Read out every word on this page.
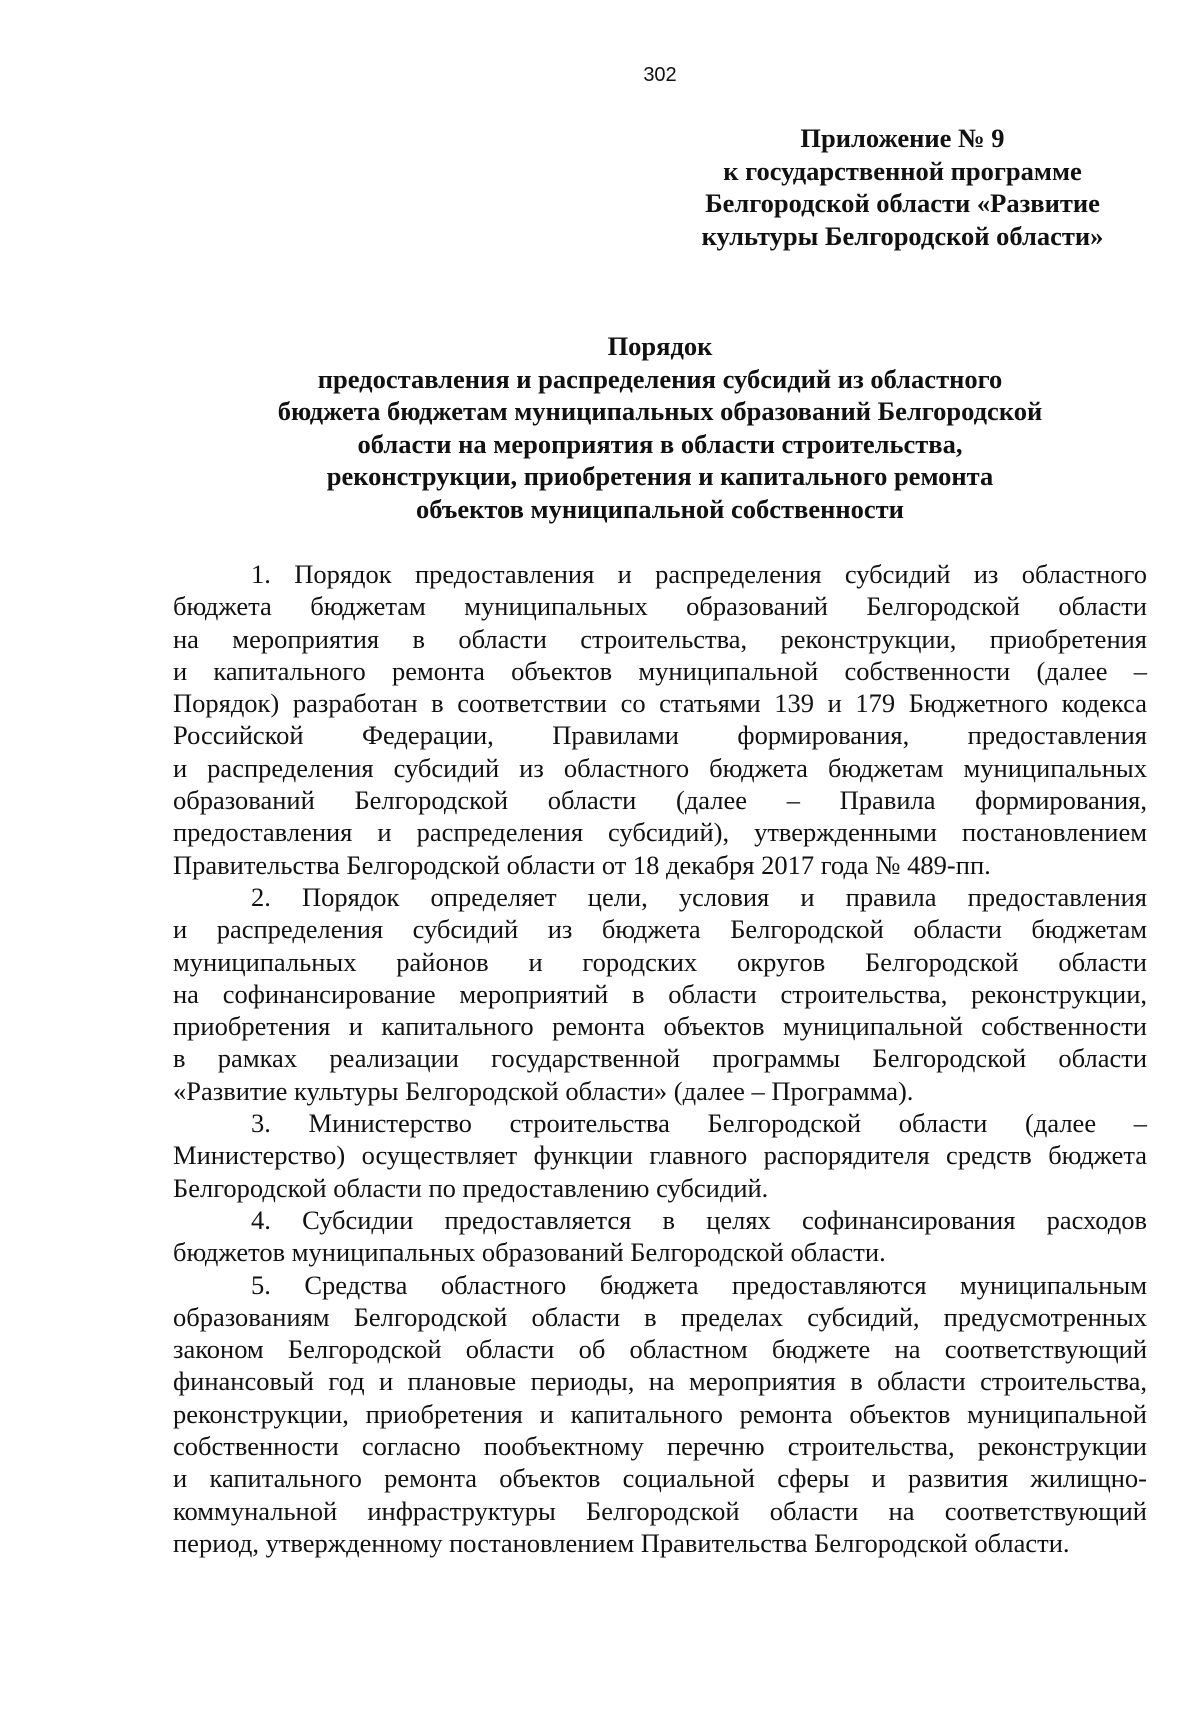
302
Приложение № 9
к государственной программе
Белгородской области «Развитие
культуры Белгородской области»
Порядок
предоставления и распределения субсидий из областного
бюджета бюджетам муниципальных образований Белгородской
области на мероприятия в области строительства,
реконструкции, приобретения и капитального ремонта
объектов муниципальной собственности
1. Порядок предоставления и распределения субсидий из областного
бюджета бюджетам муниципальных образований Белгородской области
на мероприятия в области строительства, реконструкции, приобретения
и капитального ремонта объектов муниципальной собственности (далее –
Порядок) разработан в соответствии со статьями 139 и 179 Бюджетного кодекса
Российской Федерации, Правилами формирования, предоставления
и распределения субсидий из областного бюджета бюджетам муниципальных
образований Белгородской области (далее – Правила формирования,
предоставления и распределения субсидий), утвержденными постановлением
Правительства Белгородской области от 18 декабря 2017 года № 489-пп.
2. Порядок определяет цели, условия и правила предоставления
и распределения субсидий из бюджета Белгородской области бюджетам
муниципальных районов и городских округов Белгородской области
на софинансирование мероприятий в области строительства, реконструкции,
приобретения и капитального ремонта объектов муниципальной собственности
в рамках реализации государственной программы Белгородской области
«Развитие культуры Белгородской области» (далее – Программа).
3. Министерство строительства Белгородской области (далее –
Министерство) осуществляет функции главного распорядителя средств бюджета
Белгородской области по предоставлению субсидий.
4. Субсидии предоставляется в целях софинансирования расходов
бюджетов муниципальных образований Белгородской области.
5. Средства областного бюджета предоставляются муниципальным
образованиям Белгородской области в пределах субсидий, предусмотренных
законом Белгородской области об областном бюджете на соответствующий
финансовый год и плановые периоды, на мероприятия в области строительства,
реконструкции, приобретения и капитального ремонта объектов муниципальной
собственности согласно пообъектному перечню строительства, реконструкции
и капитального ремонта объектов социальной сферы и развития жилищно-
коммунальной инфраструктуры Белгородской области на соответствующий
период, утвержденному постановлением Правительства Белгородской области.
